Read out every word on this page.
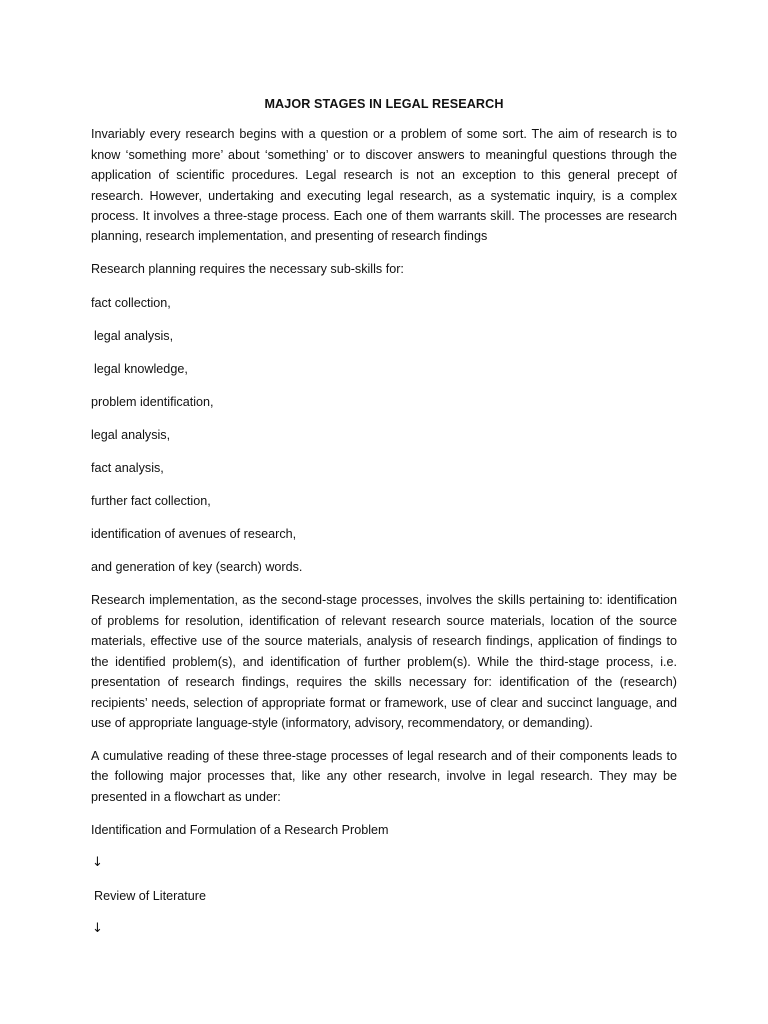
MAJOR STAGES IN LEGAL RESEARCH

Invariably every research begins with a question or a problem of some sort. The aim of research is to know ‘something more’ about ‘something’ or to discover answers to meaningful questions through the application of scientific procedures. Legal research is not an exception to this general precept of research. However, undertaking and executing legal research, as a systematic inquiry, is a complex process. It involves a three-stage process. Each one of them warrants skill. The processes are research planning, research implementation, and presenting of research findings

Research planning requires the necessary sub-skills for:

fact collection,
legal analysis,
legal knowledge,
problem identification,
legal analysis,
fact analysis,
further fact collection,
identification of avenues of research,
and generation of key (search) words.

Research implementation, as the second-stage processes, involves the skills pertaining to: identification of problems for resolution, identification of relevant research source materials, location of the source materials, effective use of the source materials, analysis of research findings, application of findings to the identified problem(s), and identification of further problem(s). While the third-stage process, i.e. presentation of research findings, requires the skills necessary for: identification of the (research) recipients’ needs, selection of appropriate format or framework, use of clear and succinct language, and use of appropriate language-style (informatory, advisory, recommendatory, or demanding).

A cumulative reading of these three-stage processes of legal research and of their components leads to the following major processes that, like any other research, involve in legal research. They may be presented in a flowchart as under:

Identification and Formulation of a Research Problem
↓
Review of Literature
↓
